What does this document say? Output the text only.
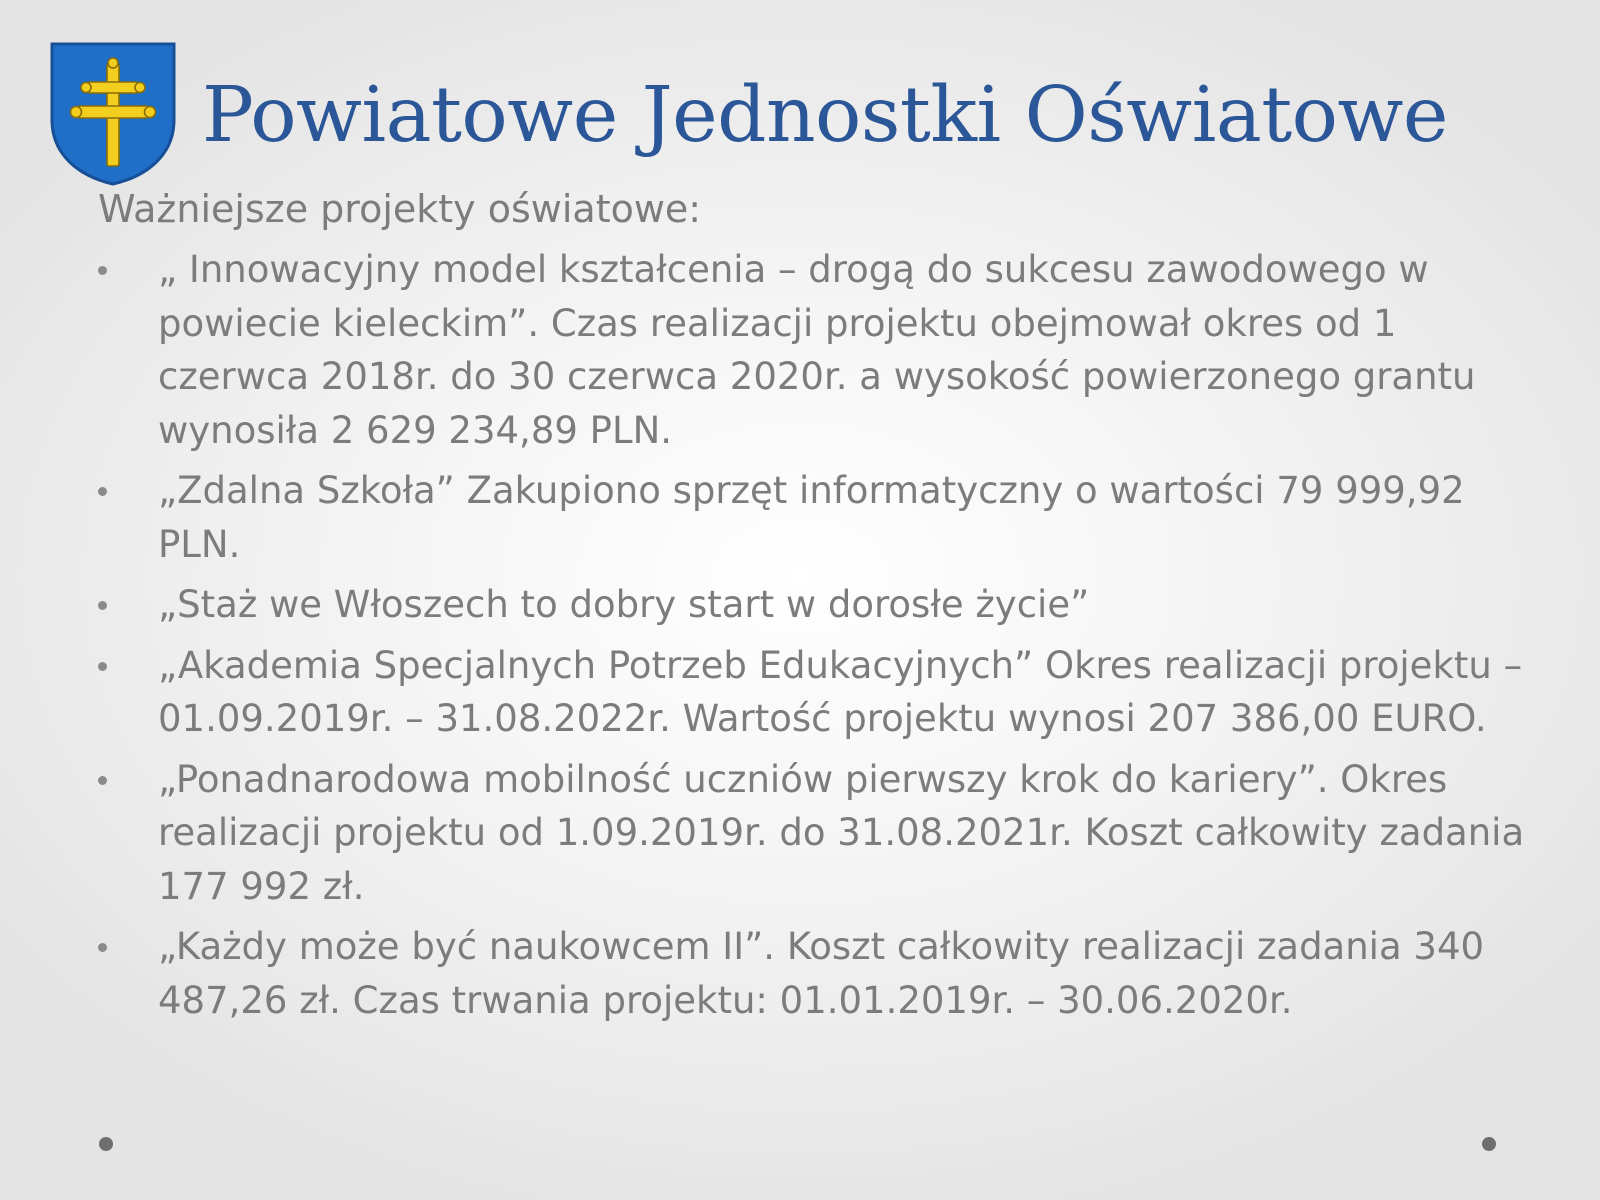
Powiatowe Jednostki Oświatowe

Ważniejsze projekty oświatowe:

„ Innowacyjny model kształcenia – drogą do sukcesu zawodowego w powiecie kieleckim”. Czas realizacji projektu obejmował okres od 1 czerwca 2018r. do 30 czerwca 2020r. a wysokość powierzonego grantu wynosiła 2 629 234,89 PLN.
„Zdalna Szkoła” Zakupiono sprzęt informatyczny o wartości 79 999,92 PLN.
„Staż we Włoszech to dobry start w dorosłe życie”
„Akademia Specjalnych Potrzeb Edukacyjnych” Okres realizacji projektu – 01.09.2019r. – 31.08.2022r. Wartość projektu wynosi 207 386,00 EURO.
„Ponadnarodowa mobilność uczniów pierwszy krok do kariery”. Okres realizacji projektu od 1.09.2019r. do 31.08.2021r. Koszt całkowity zadania 177 992 zł.
„Każdy może być naukowcem II”. Koszt całkowity realizacji zadania 340 487,26 zł. Czas trwania projektu: 01.01.2019r. – 30.06.2020r.
